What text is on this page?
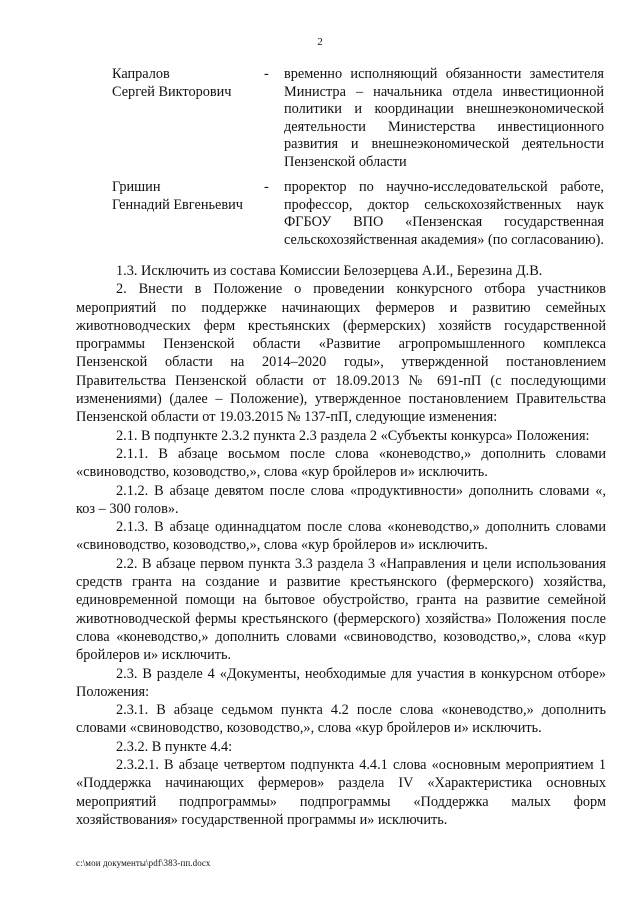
2
Капралов
Сергей Викторович
-	временно исполняющий обязанности заместителя Министра – начальника отдела инвестиционной политики и координации внешнеэкономической деятельности Министерства инвестиционного развития и внешнеэкономической деятельности Пензенской области
Гришин
Геннадий Евгеньевич
-	проректор по научно-исследовательской работе, профессор, доктор сельскохозяйственных наук ФГБОУ ВПО «Пензенская государственная сельскохозяйственная академия» (по согласованию).

1.3. Исключить из состава Комиссии Белозерцева А.И., Березина Д.В.

2. Внести в Положение о проведении конкурсного отбора участников мероприятий по поддержке начинающих фермеров и развитию семейных животноводческих ферм крестьянских (фермерских) хозяйств государственной программы Пензенской области «Развитие агропромышленного комплекса Пензенской области на 2014–2020 годы», утвержденной постановлением Правительства Пензенской области от 18.09.2013 № 691-пП (с последующими изменениями) (далее – Положение), утвержденное постановлением Правительства Пензенской области от 19.03.2015 № 137-пП, следующие изменения:

2.1. В подпункте 2.3.2 пункта 2.3 раздела 2 «Субъекты конкурса» Положения:

2.1.1. В абзаце восьмом после слова «коневодство,» дополнить словами «свиноводство, козоводство,», слова «кур бройлеров и» исключить.

2.1.2. В абзаце девятом после слова «продуктивности» дополнить словами «, коз – 300 голов».

2.1.3. В абзаце одиннадцатом после слова «коневодство,» дополнить словами «свиноводство, козоводство,», слова «кур бройлеров и» исключить.

2.2. В абзаце первом пункта 3.3 раздела 3 «Направления и цели использования средств гранта на создание и развитие крестьянского (фермерского) хозяйства, единовременной помощи на бытовое обустройство, гранта на развитие семейной животноводческой фермы крестьянского (фермерского) хозяйства» Положения после слова «коневодство,» дополнить словами «свиноводство, козоводство,», слова «кур бройлеров и» исключить.

2.3. В разделе 4 «Документы, необходимые для участия в конкурсном отборе» Положения:

2.3.1. В абзаце седьмом пункта 4.2 после слова «коневодство,» дополнить словами «свиноводство, козоводство,», слова «кур бройлеров и» исключить.

2.3.2. В пункте 4.4:

2.3.2.1. В абзаце четвертом подпункта 4.4.1 слова «основным мероприятием 1 «Поддержка начинающих фермеров» раздела IV «Характеристика основных мероприятий подпрограммы» подпрограммы «Поддержка малых форм хозяйствования» государственной программы и» исключить.

c:\мои документы\pdf\383-пп.docx
